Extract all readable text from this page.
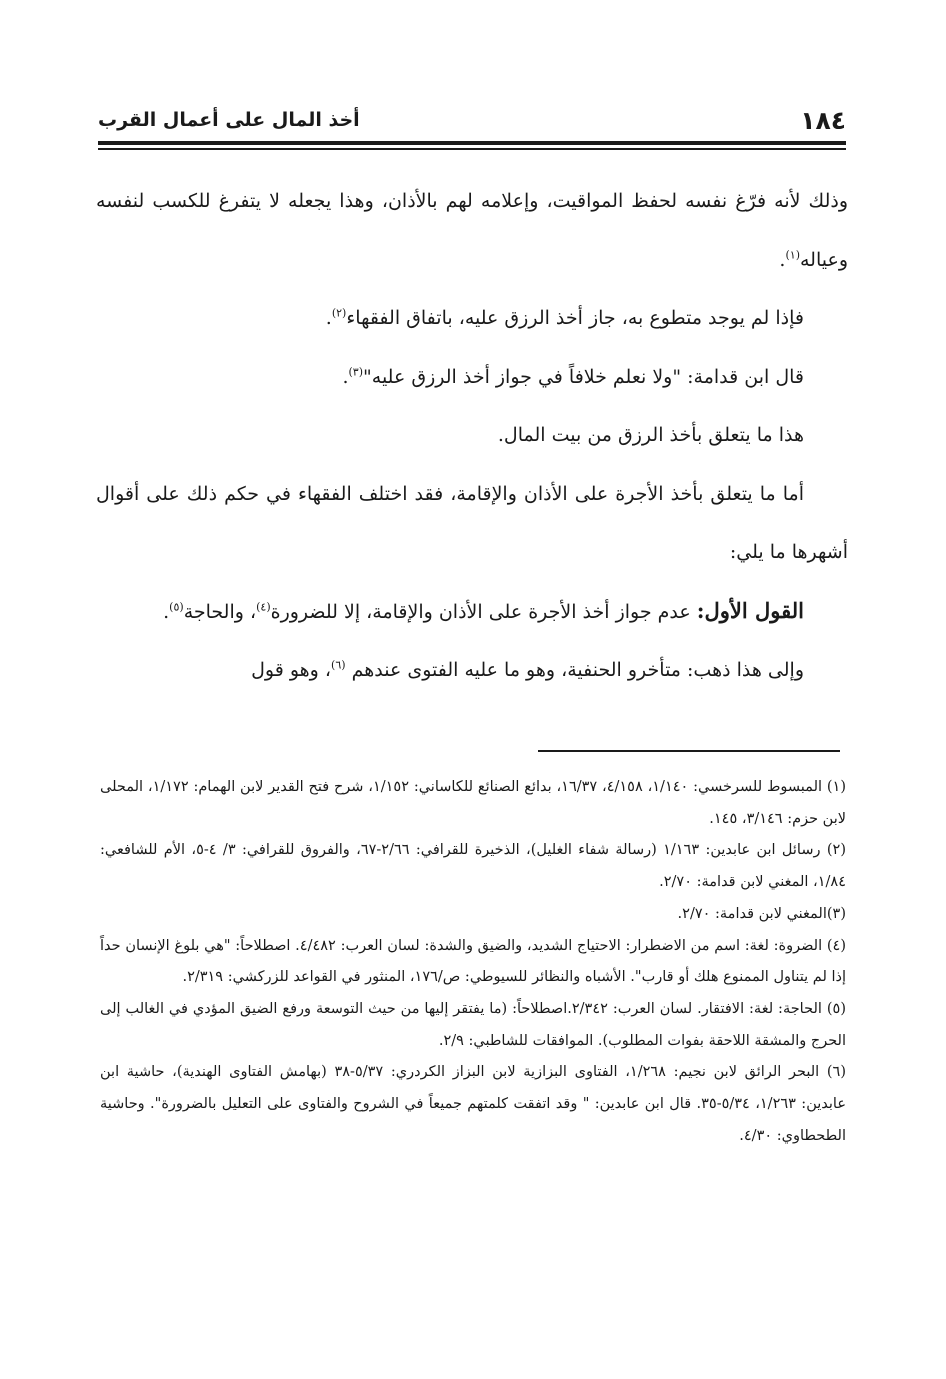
١٨٤
أخذ المال على أعمال القرب

وذلك لأنه فرّغ نفسه لحفظ المواقيت، وإعلامه لهم بالأذان، وهذا يجعله لا يتفرغ للكسب لنفسه وعياله$^{(١)}$.

فإذا لم يوجد متطوع به، جاز أخذ الرزق عليه، باتفاق الفقهاء$^{(٢)}$.

قال ابن قدامة: "ولا نعلم خلافاً في جواز أخذ الرزق عليه"$^{(٣)}$.

هذا ما يتعلق بأخذ الرزق من بيت المال.

أما ما يتعلق بأخذ الأجرة على الأذان والإقامة، فقد اختلف الفقهاء في حكم ذلك على أقوال أشهرها ما يلي:

القول الأول: عدم جواز أخذ الأجرة على الأذان والإقامة، إلا للضرورة$^{(٤)}$، والحاجة$^{(٥)}$.

وإلى هذا ذهب: متأخرو الحنفية، وهو ما عليه الفتوى عندهم $^{(٦)}$، وهو قول

(١) المبسوط للسرخسي: ١/١٤٠، ٤/١٥٨، ١٦/٣٧، بدائع الصنائع للكاساني: ١/١٥٢، شرح فتح القدير لابن الهمام: ١/١٧٢، المحلى لابن حزم: ٣/١٤٦، ١٤٥.

(٢) رسائل ابن عابدين: ١/١٦٣ (رسالة شفاء الغليل)، الذخيرة للقرافي: ٢/٦٦-٦٧، والفروق للقرافي: ٣/ ٤-٥، الأم للشافعي: ١/٨٤، المغني لابن قدامة: ٢/٧٠.

(٣)المغني لابن قدامة: ٢/٧٠.

(٤) الضروة: لغة: اسم من الاضطرار: الاحتياج الشديد، والضيق والشدة: لسان العرب: ٤/٤٨٢. اصطلاحاً: "هي بلوغ الإنسان حداً إذا لم يتناول الممنوع هلك أو قارب". الأشباه والنظائر للسيوطي: ص/١٧٦، المنثور في القواعد للزركشي: ٢/٣١٩.

(٥) الحاجة: لغة: الافتقار. لسان العرب: ٢/٣٤٢.اصطلاحاً: (ما يفتقر إليها من حيث التوسعة ورفع الضيق المؤدي في الغالب إلى الحرج والمشقة اللاحقة بفوات المطلوب). الموافقات للشاطبي: ٢/٩.

(٦) البحر الرائق لابن نجيم: ١/٢٦٨، الفتاوى البزازية لابن البزاز الكردري: ٥/٣٧-٣٨ (بهامش الفتاوى الهندية)، حاشية ابن عابدين: ١/٢٦٣، ٥/٣٤-٣٥. قال ابن عابدين: " وقد اتفقت كلمتهم جميعاً في الشروح والفتاوى على التعليل بالضرورة". وحاشية الطحطاوي: ٤/٣٠.
